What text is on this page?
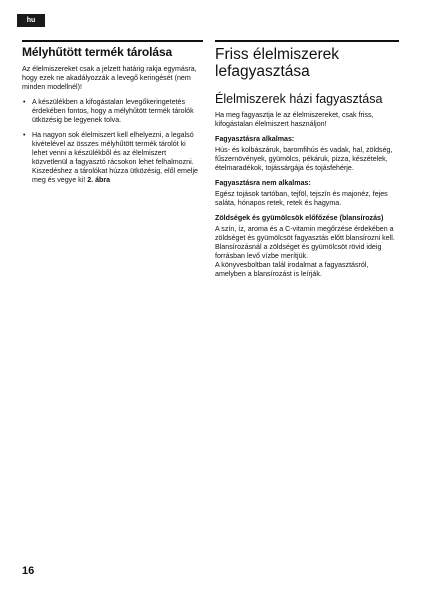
hu
Mélyhűtött termék tárolása

Az élelmiszereket csak a jelzett határig rakja egymásra, hogy ezek ne akadályozzák a levegő keringését (nem minden modellnél)!

• A készülékben a kifogástalan levegőkeringetetés érdekében fontos, hogy a mélyhűtött termék tárolók ütközésig be legyenek tolva.
• Ha nagyon sok élelmiszert kell elhelyezni, a legalsó kivételével az összes mélyhűtött termék tárolót ki lehet venni a készülékből és az élelmiszert közvetlenül a fagyasztó rácsokon lehet felhalmozni. Kiszedéshez a tárolókat húzza ütközésig, elől emelje meg és vegye ki! 2. ábra
Friss élelmiszerek lefagyasztása
Élelmiszerek házi fagyasztása

Ha meg fagyasztja le az élelmiszereket, csak friss, kifogástalan élelmiszert használjon!

Fagyasztásra alkalmas:

Hús- és kolbászáruk, baromfihús és vadak, hal, zöldség, fűszernövények, gyümölcs, pékáruk, pizza, készételek, ételmaradékok, tojássárgája és tojásfehérje.

Fagyasztásra nem alkalmas:

Egész tojások tartóban, tejföl, tejszín és majonéz, fejes saláta, hónapos retek, retek és hagyma.

Zöldségek és gyümölcsök előfőzése (blansírozás)

A szín, íz, aroma és a C-vitamin megőrzése érdekében a zöldséget és gyümölcsöt fagyasztás előtt blansírozni kell. Blansírozásnál a zöldséget és gyümölcsöt rövid ideig forrásban levő vízbe merítjük.

A könyvesboltban talál irodalmat a fagyasztásról, amelyben a blansírozást is leírják.

16
